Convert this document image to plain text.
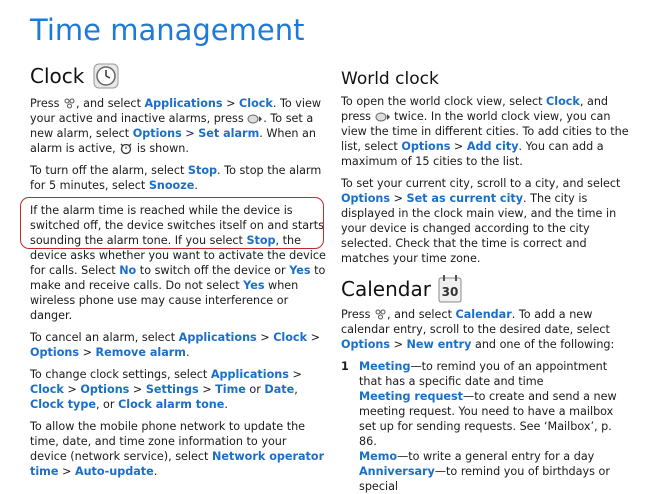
Time management
Clock

Press , and select Applications > Clock. To view your active and inactive alarms, press . To set a new alarm, select Options > Set alarm. When an alarm is active,  is shown.

To turn off the alarm, select Stop. To stop the alarm for 5 minutes, select Snooze.

If the alarm time is reached while the device is switched off, the device switches itself on and starts sounding the alarm tone. If you select Stop, the device asks whether you want to activate the device for calls. Select No to switch off the device or Yes to make and receive calls. Do not select Yes when wireless phone use may cause interference or danger.

To cancel an alarm, select Applications > Clock > Options > Remove alarm.

To change clock settings, select Applications > Clock > Options > Settings > Time or Date, Clock type, or Clock alarm tone.

To allow the mobile phone network to update the time, date, and time zone information to your device (network service), select Network operator time > Auto-update.

World clock

To open the world clock view, select Clock, and press  twice. In the world clock view, you can view the time in different cities. To add cities to the list, select Options > Add city. You can add a maximum of 15 cities to the list.

To set your current city, scroll to a city, and select Options > Set as current city. The city is displayed in the clock main view, and the time in your device is changed according to the city selected. Check that the time is correct and matches your time zone.

Calendar 30

Press , and select Calendar. To add a new calendar entry, scroll to the desired date, select Options > New entry and one of the following:

1 Meeting—to remind you of an appointment that has a specific date and time
Meeting request—to create and send a new meeting request. You need to have a mailbox set up for sending requests. See ‘Mailbox’, p. 86.
Memo—to write a general entry for a day
Anniversary—to remind you of birthdays or special
